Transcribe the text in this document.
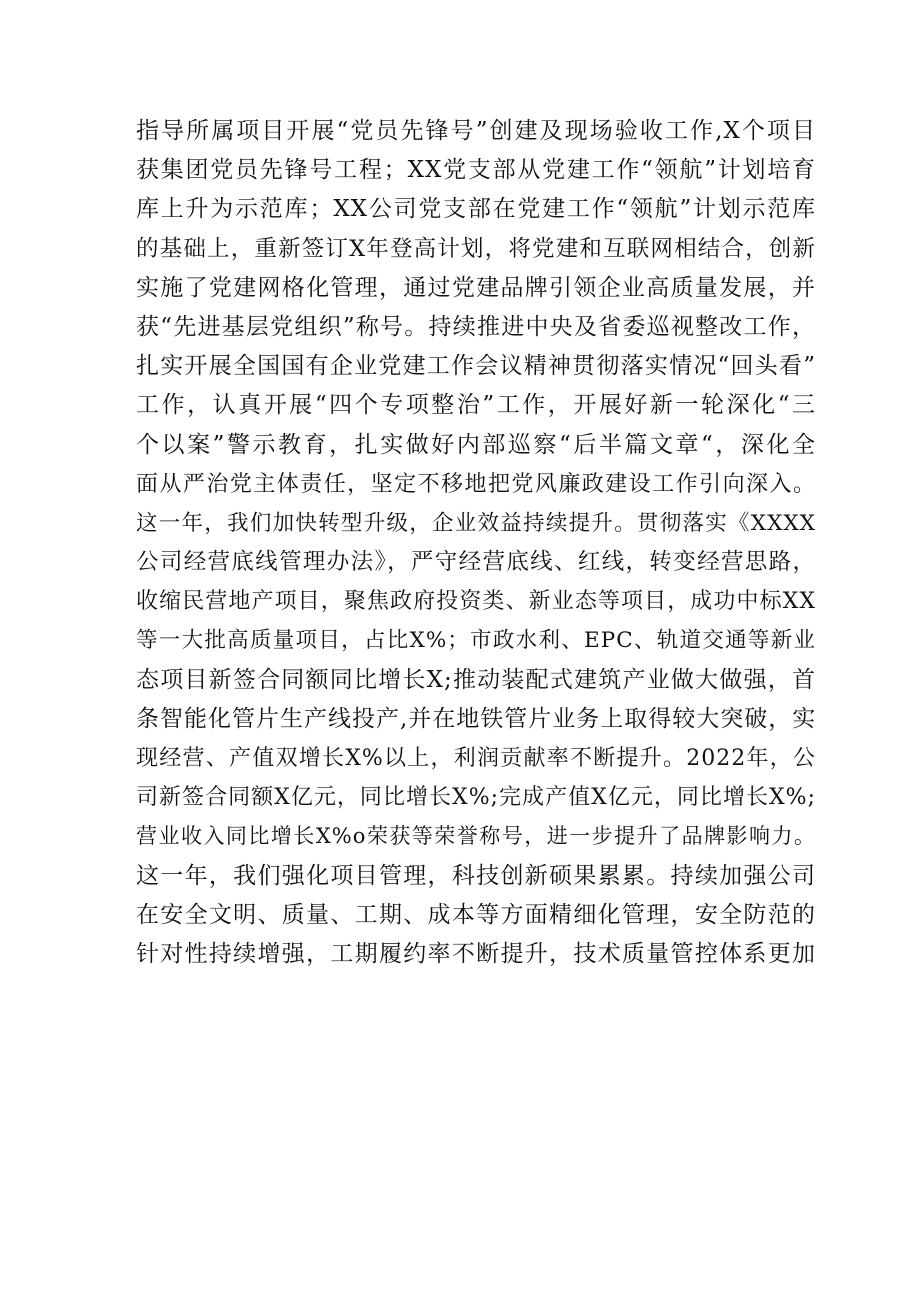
指导所属项目开展“党员先锋号”创建及现场验收工作,X个项目
获集团党员先锋号工程；XX党支部从党建工作“领航”计划培育
库上升为示范库；XX公司党支部在党建工作“领航”计划示范库
的基础上，重新签订X年登高计划，将党建和互联网相结合，创新
实施了党建网格化管理，通过党建品牌引领企业高质量发展，并
获“先进基层党组织”称号。持续推进中央及省委巡视整改工作，
扎实开展全国国有企业党建工作会议精神贯彻落实情况“回头看”
工作，认真开展“四个专项整治”工作，开展好新一轮深化“三
个以案”警示教育，扎实做好内部巡察“后半篇文章“，深化全
面从严治党主体责任，坚定不移地把党风廉政建设工作引向深入。
这一年，我们加快转型升级，企业效益持续提升。贯彻落实《XXXX
公司经营底线管理办法》，严守经营底线、红线，转变经营思路，
收缩民营地产项目，聚焦政府投资类、新业态等项目，成功中标XX
等一大批高质量项目，占比X%；市政水利、EPC、轨道交通等新业
态项目新签合同额同比增长X;推动装配式建筑产业做大做强，首
条智能化管片生产线投产,并在地铁管片业务上取得较大突破，实
现经营、产值双增长X%以上，利润贡献率不断提升。2022年，公
司新签合同额X亿元，同比增长X%;完成产值X亿元，同比增长X%;
营业收入同比增长X%o荣获等荣誉称号，进一步提升了品牌影响力。
这一年，我们强化项目管理，科技创新硕果累累。持续加强公司
在安全文明、质量、工期、成本等方面精细化管理，安全防范的
针对性持续增强，工期履约率不断提升，技术质量管控体系更加
